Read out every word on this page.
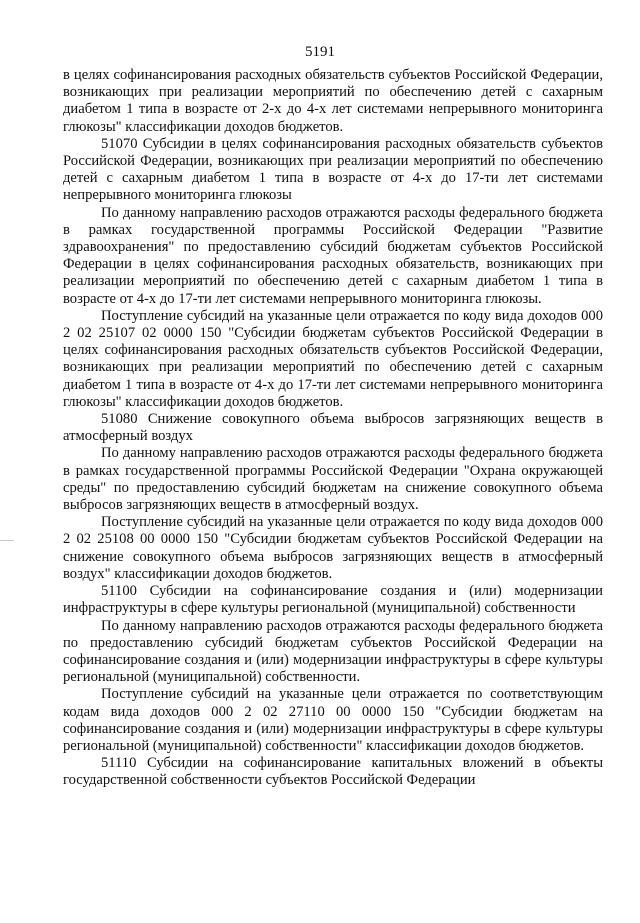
5191

в целях софинансирования расходных обязательств субъектов Российской Федерации, возникающих при реализации мероприятий по обеспечению детей с сахарным диабетом 1 типа в возрасте от 2-х до 4-х лет системами непрерывного мониторинга глюкозы" классификации доходов бюджетов.

51070 Субсидии в целях софинансирования расходных обязательств субъектов Российской Федерации, возникающих при реализации мероприятий по обеспечению детей с сахарным диабетом 1 типа в возрасте от 4-х до 17-ти лет системами непрерывного мониторинга глюкозы

По данному направлению расходов отражаются расходы федерального бюджета в рамках государственной программы Российской Федерации "Развитие здравоохранения" по предоставлению субсидий бюджетам субъектов Российской Федерации в целях софинансирования расходных обязательств, возникающих при реализации мероприятий по обеспечению детей с сахарным диабетом 1 типа в возрасте от 4-х до 17-ти лет системами непрерывного мониторинга глюкозы.

Поступление субсидий на указанные цели отражается по коду вида доходов 000 2 02 25107 02 0000 150 "Субсидии бюджетам субъектов Российской Федерации в целях софинансирования расходных обязательств субъектов Российской Федерации, возникающих при реализации мероприятий по обеспечению детей с сахарным диабетом 1 типа в возрасте от 4-х до 17-ти лет системами непрерывного мониторинга глюкозы" классификации доходов бюджетов.

51080 Снижение совокупного объема выбросов загрязняющих веществ в атмосферный воздух

По данному направлению расходов отражаются расходы федерального бюджета в рамках государственной программы Российской Федерации "Охрана окружающей среды" по предоставлению субсидий бюджетам на снижение совокупного объема выбросов загрязняющих веществ в атмосферный воздух.

Поступление субсидий на указанные цели отражается по коду вида доходов 000 2 02 25108 00 0000 150 "Субсидии бюджетам субъектов Российской Федерации на снижение совокупного объема выбросов загрязняющих веществ в атмосферный воздух" классификации доходов бюджетов.

51100 Субсидии на софинансирование создания и (или) модернизации инфраструктуры в сфере культуры региональной (муниципальной) собственности

По данному направлению расходов отражаются расходы федерального бюджета по предоставлению субсидий бюджетам субъектов Российской Федерации на софинансирование создания и (или) модернизации инфраструктуры в сфере культуры региональной (муниципальной) собственности.

Поступление субсидий на указанные цели отражается по соответствующим кодам вида доходов 000 2 02 27110 00 0000 150 "Субсидии бюджетам на софинансирование создания и (или) модернизации инфраструктуры в сфере культуры региональной (муниципальной) собственности" классификации доходов бюджетов.

51110 Субсидии на софинансирование капитальных вложений в объекты государственной собственности субъектов Российской Федерации
